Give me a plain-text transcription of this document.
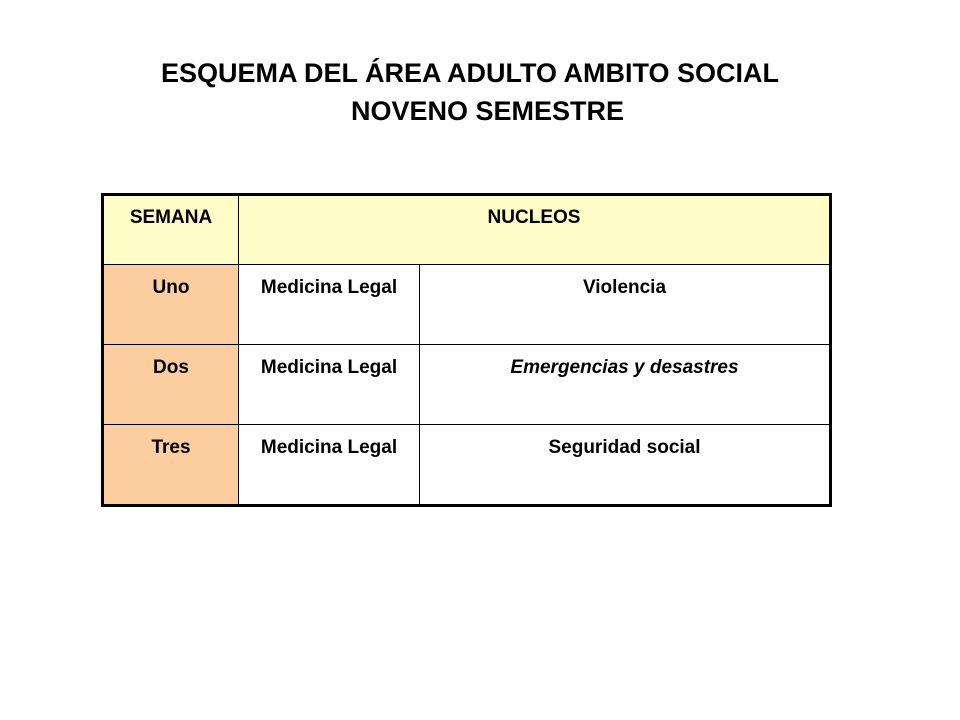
ESQUEMA DEL ÁREA ADULTO AMBITO SOCIAL
NOVENO SEMESTRE
SEMANA	NUCLEOS	
Uno	Medicina Legal	Violencia
Dos	Medicina Legal	Emergencias y desastres
Tres	Medicina Legal	Seguridad social
